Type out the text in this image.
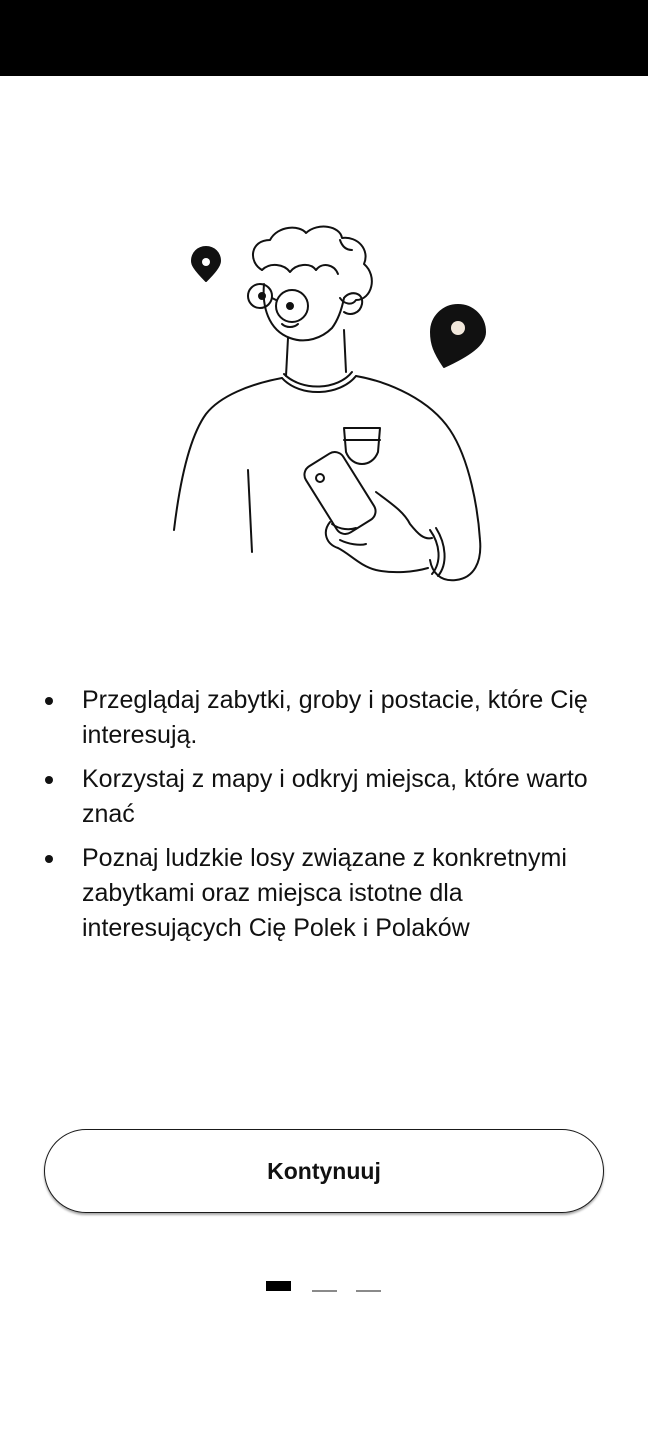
Przeglądaj zabytki, groby i postacie, które Cię interesują.
Korzystaj z mapy i odkryj miejsca, które warto znać
Poznaj ludzkie losy związane z konkretnymi zabytkami oraz miejsca istotne dla interesujących Cię Polek i Polaków
Kontynuuj
